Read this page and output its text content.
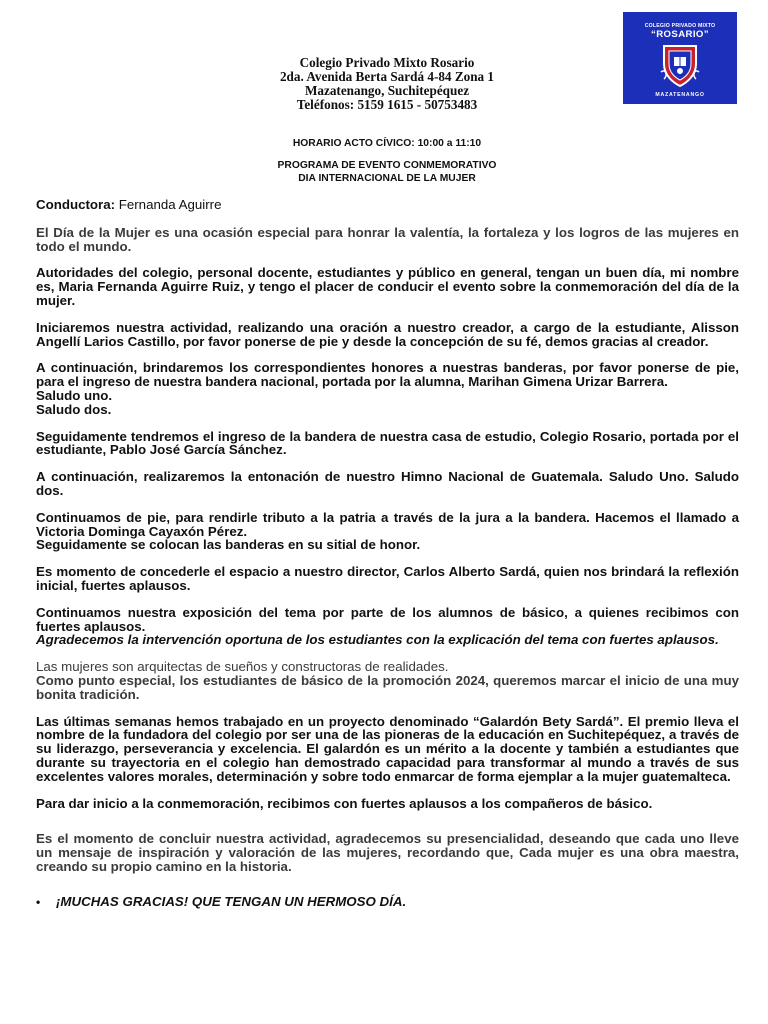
Colegio Privado Mixto Rosario
2da. Avenida Berta Sardá 4-84 Zona 1
Mazatenango, Suchitepéquez
Teléfonos: 5159 1615 - 50753483
COLEGIO PRIVADO MIXTO
“ROSARIO”
MAZATENANGO
HORARIO ACTO CÍVICO: 10:00 a 11:10
PROGRAMA DE EVENTO CONMEMORATIVO
DIA INTERNACIONAL DE LA MUJER

Conductora: Fernanda Aguirre

El Día de la Mujer es una ocasión especial para honrar la valentía, la fortaleza y los logros de las mujeres en todo el mundo.

Autoridades del colegio, personal docente, estudiantes y público en general, tengan un buen día, mi nombre es, Maria Fernanda Aguirre Ruiz, y tengo el placer de conducir el evento sobre la conmemoración del día de la mujer.

Iniciaremos nuestra actividad, realizando una oración a nuestro creador, a cargo de la estudiante, Alisson Angellí Larios Castillo, por favor ponerse de pie y desde la concepción de su fé, demos gracias al creador.

A continuación, brindaremos los correspondientes honores a nuestras banderas, por favor ponerse de pie, para el ingreso de nuestra bandera nacional, portada por la alumna, Marihan Gimena Urizar Barrera.
Saludo uno.
Saludo dos.

Seguidamente tendremos el ingreso de la bandera de nuestra casa de estudio, Colegio Rosario, portada por el estudiante, Pablo José García Sánchez.

A continuación, realizaremos la entonación de nuestro Himno Nacional de Guatemala. Saludo Uno. Saludo dos.

Continuamos de pie, para rendirle tributo a la patria a través de la jura a la bandera. Hacemos el llamado a Victoria Dominga Cayaxón Pérez.
Seguidamente se colocan las banderas en su sitial de honor.

Es momento de concederle el espacio a nuestro director, Carlos Alberto Sardá, quien nos brindará la reflexión inicial, fuertes aplausos.

Continuamos nuestra exposición del tema por parte de los alumnos de básico, a quienes recibimos con fuertes aplausos.
Agradecemos la intervención oportuna de los estudiantes con la explicación del tema con fuertes aplausos.

Las mujeres son arquitectas de sueños y constructoras de realidades.
Como punto especial, los estudiantes de básico de la promoción 2024, queremos marcar el inicio de una muy bonita tradición.

Las últimas semanas hemos trabajado en un proyecto denominado “Galardón Bety Sardá”. El premio lleva el nombre de la fundadora del colegio por ser una de las pioneras de la educación en Suchitepéquez, a través de su liderazgo, perseverancia y excelencia. El galardón es un mérito a la docente y también a estudiantes que durante su trayectoria en el colegio han demostrado capacidad para transformar al mundo a través de sus excelentes valores morales, determinación y sobre todo enmarcar de forma ejemplar a la mujer guatemalteca.

Para dar inicio a la conmemoración, recibimos con fuertes aplausos a los compañeros de básico.

Es el momento de concluir nuestra actividad, agradecemos su presencialidad, deseando que cada uno lleve un mensaje de inspiración y valoración de las mujeres, recordando que, Cada mujer es una obra maestra, creando su propio camino en la historia.

•	¡MUCHAS GRACIAS! QUE TENGAN UN HERMOSO DÍA.
